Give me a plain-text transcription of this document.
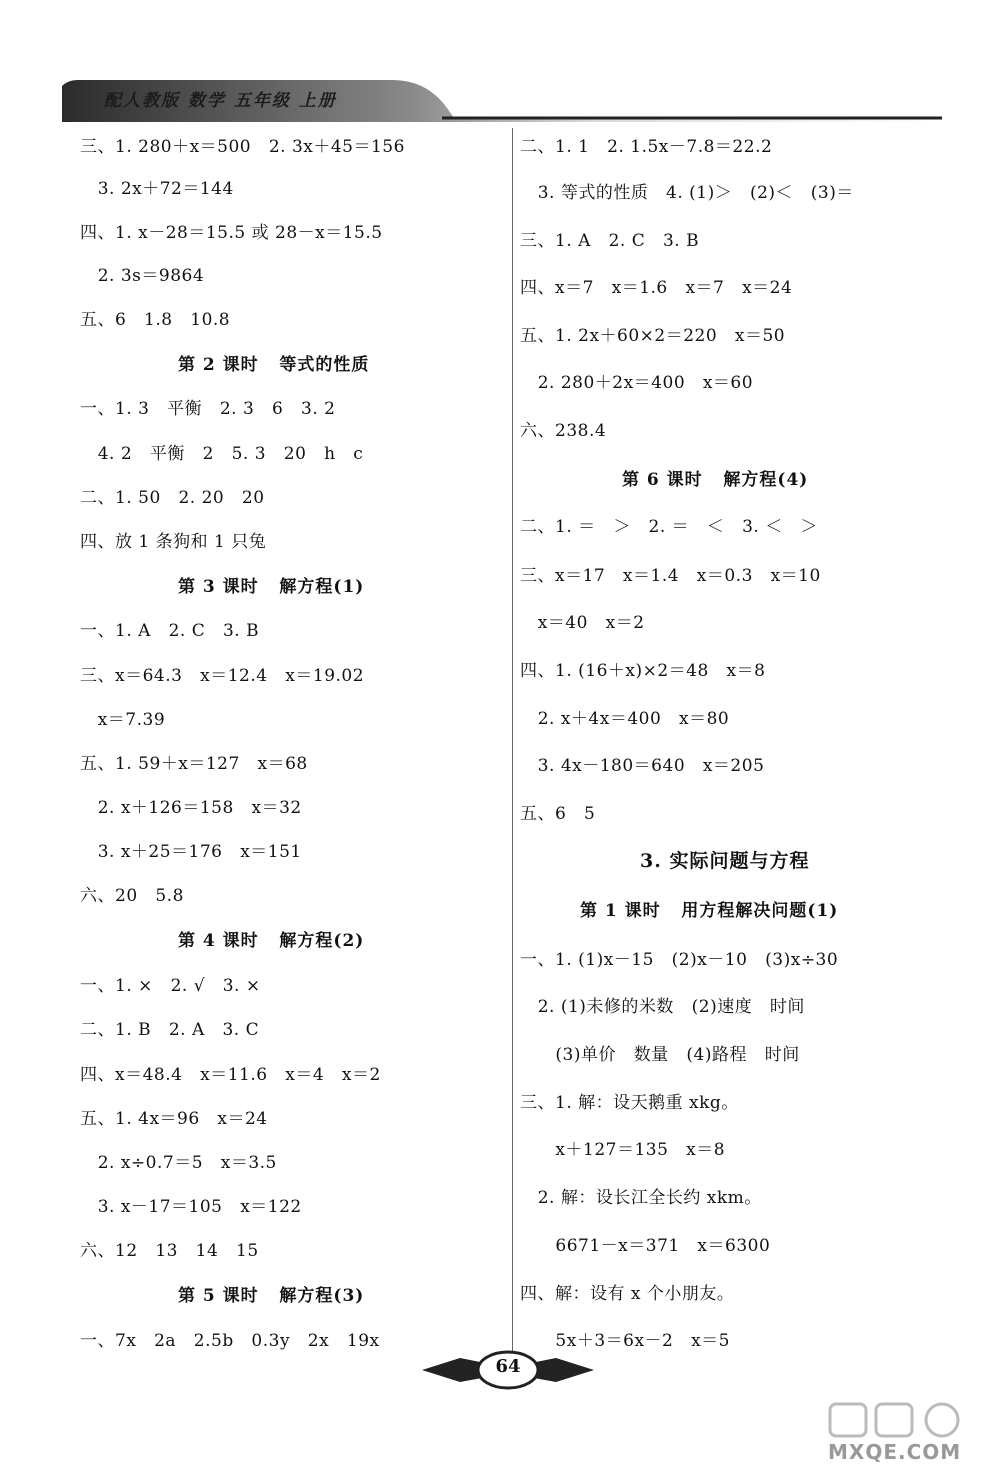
配人教版 数学 五年级 上册
三、1. 280＋x＝500   2. 3x＋45＝156
3. 2x＋72＝144
四、1. x－28＝15.5 或 28－x＝15.5
2. 3s＝9864
五、6   1.8   10.8
第 2 课时   等式的性质
一、1. 3   平衡   2. 3   6   3. 2
4. 2   平衡   2   5. 3   20   h   c
二、1. 50   2. 20   20
四、放 1 条狗和 1 只兔
第 3 课时   解方程(1)
一、1. A   2. C   3. B
三、x＝64.3   x＝12.4   x＝19.02
x＝7.39
五、1. 59＋x＝127   x＝68
2. x＋126＝158   x＝32
3. x＋25＝176   x＝151
六、20   5.8
第 4 课时   解方程(2)
一、1. ×   2. √   3. ×
二、1. B   2. A   3. C
四、x＝48.4   x＝11.6   x＝4   x＝2
五、1. 4x＝96   x＝24
2. x÷0.7＝5   x＝3.5
3. x－17＝105   x＝122
六、12   13   14   15
第 5 课时   解方程(3)
一、7x   2a   2.5b   0.3y   2x   19x
二、1. 1   2. 1.5x－7.8＝22.2
3. 等式的性质   4. (1)＞   (2)＜   (3)＝
三、1. A   2. C   3. B
四、x＝7   x＝1.6   x＝7   x＝24
五、1. 2x＋60×2＝220   x＝50
2. 280＋2x＝400   x＝60
六、238.4
第 6 课时   解方程(4)
二、1. ＝   ＞   2. ＝   ＜   3. ＜   ＞
三、x＝17   x＝1.4   x＝0.3   x＝10
x＝40   x＝2
四、1. (16＋x)×2＝48   x＝8
2. x＋4x＝400   x＝80
3. 4x－180＝640   x＝205
五、6   5
3. 实际问题与方程
第 1 课时   用方程解决问题(1)
一、1. (1)x－15   (2)x－10   (3)x÷30
2. (1)未修的米数   (2)速度   时间
(3)单价   数量   (4)路程   时间
三、1. 解：设天鹅重 xkg。
x＋127＝135   x＝8
2. 解：设长江全长约 xkm。
6671－x＝371   x＝6300
四、解：设有 x 个小朋友。
5x＋3＝6x－2   x＝5
64
MXQE.COM
